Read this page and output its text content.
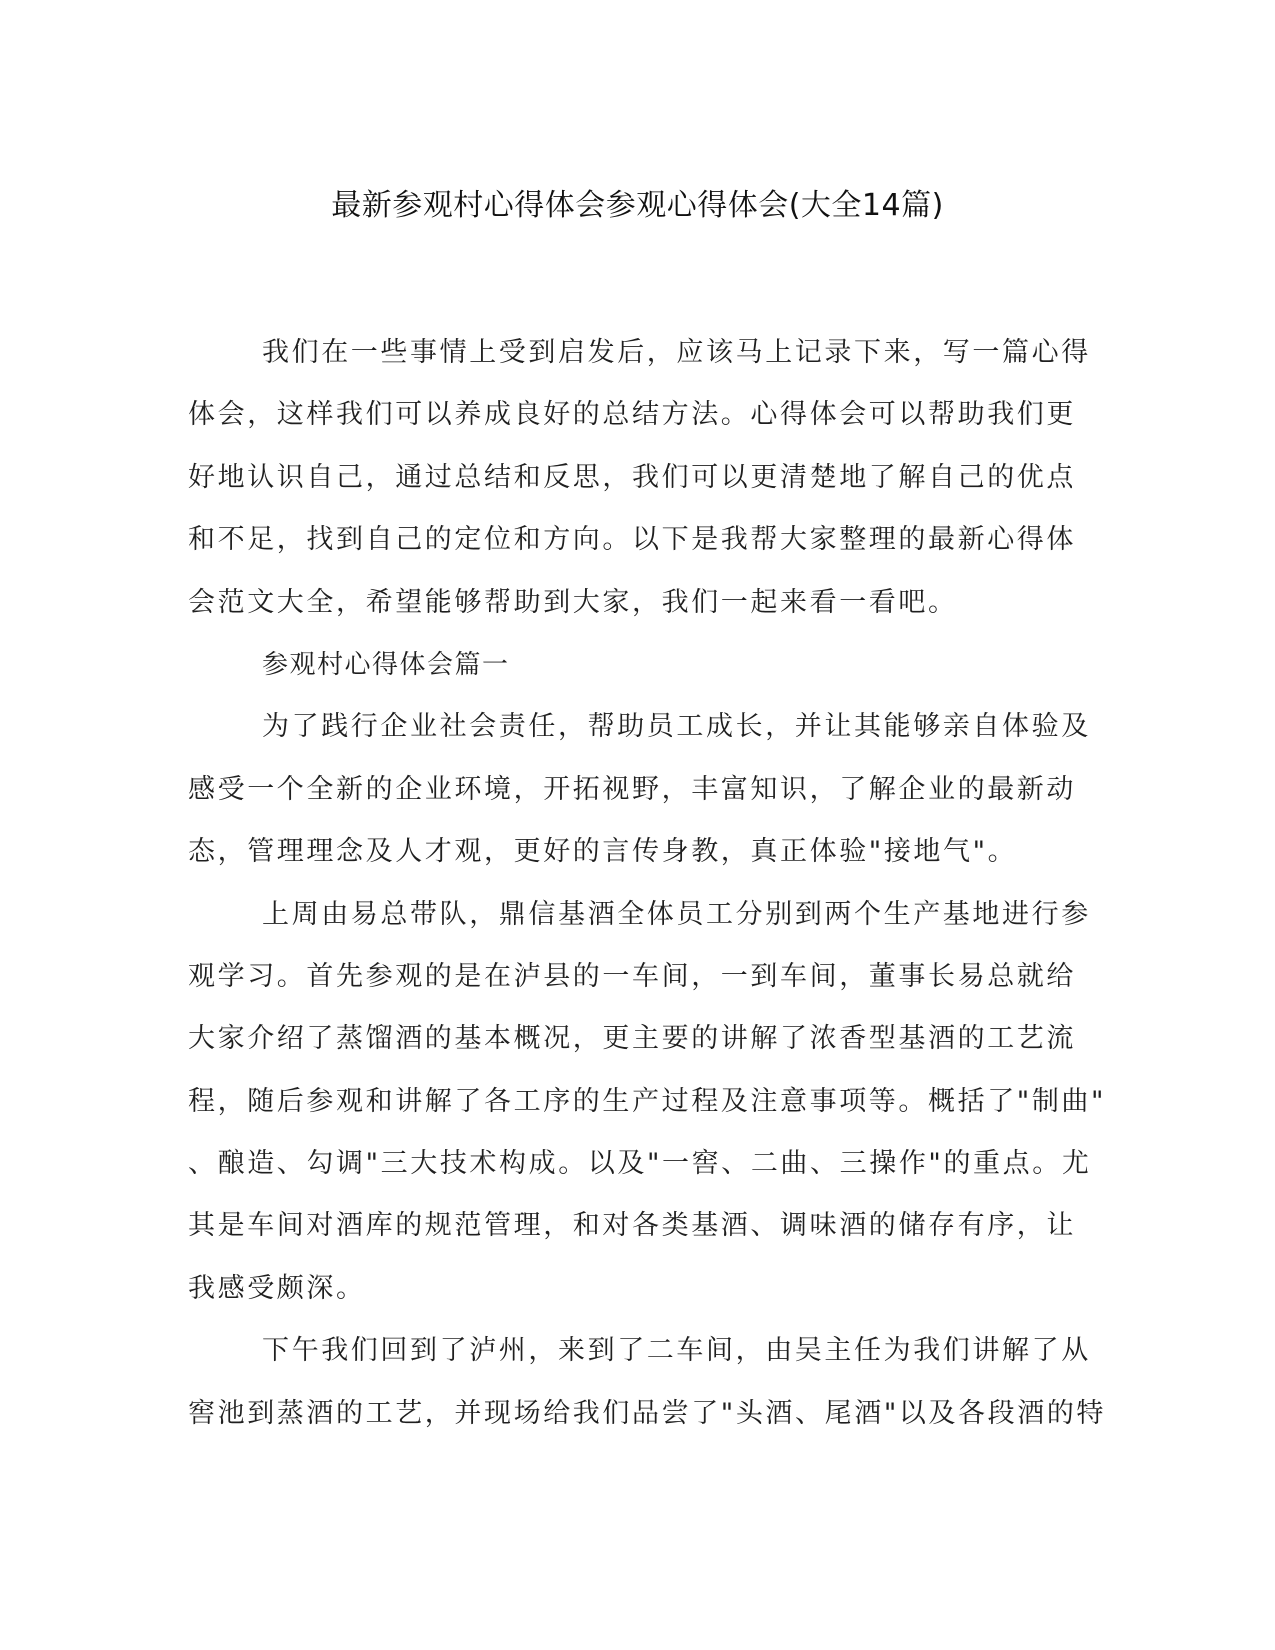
最新参观村心得体会参观心得体会(大全14篇)
我们在一些事情上受到启发后，应该马上记录下来，写一篇心得
体会，这样我们可以养成良好的总结方法。心得体会可以帮助我们更
好地认识自己，通过总结和反思，我们可以更清楚地了解自己的优点
和不足，找到自己的定位和方向。以下是我帮大家整理的最新心得体
会范文大全，希望能够帮助到大家，我们一起来看一看吧。
参观村心得体会篇一
为了践行企业社会责任，帮助员工成长，并让其能够亲自体验及
感受一个全新的企业环境，开拓视野，丰富知识，了解企业的最新动
态，管理理念及人才观，更好的言传身教，真正体验"接地气"。
上周由易总带队，鼎信基酒全体员工分别到两个生产基地进行参
观学习。首先参观的是在泸县的一车间，一到车间，董事长易总就给
大家介绍了蒸馏酒的基本概况，更主要的讲解了浓香型基酒的工艺流
程，随后参观和讲解了各工序的生产过程及注意事项等。概括了"制曲"
、酿造、勾调"三大技术构成。以及"一窖、二曲、三操作"的重点。尤
其是车间对酒库的规范管理，和对各类基酒、调味酒的储存有序，让
我感受颇深。
下午我们回到了泸州，来到了二车间，由吴主任为我们讲解了从
窖池到蒸酒的工艺，并现场给我们品尝了"头酒、尾酒"以及各段酒的特
